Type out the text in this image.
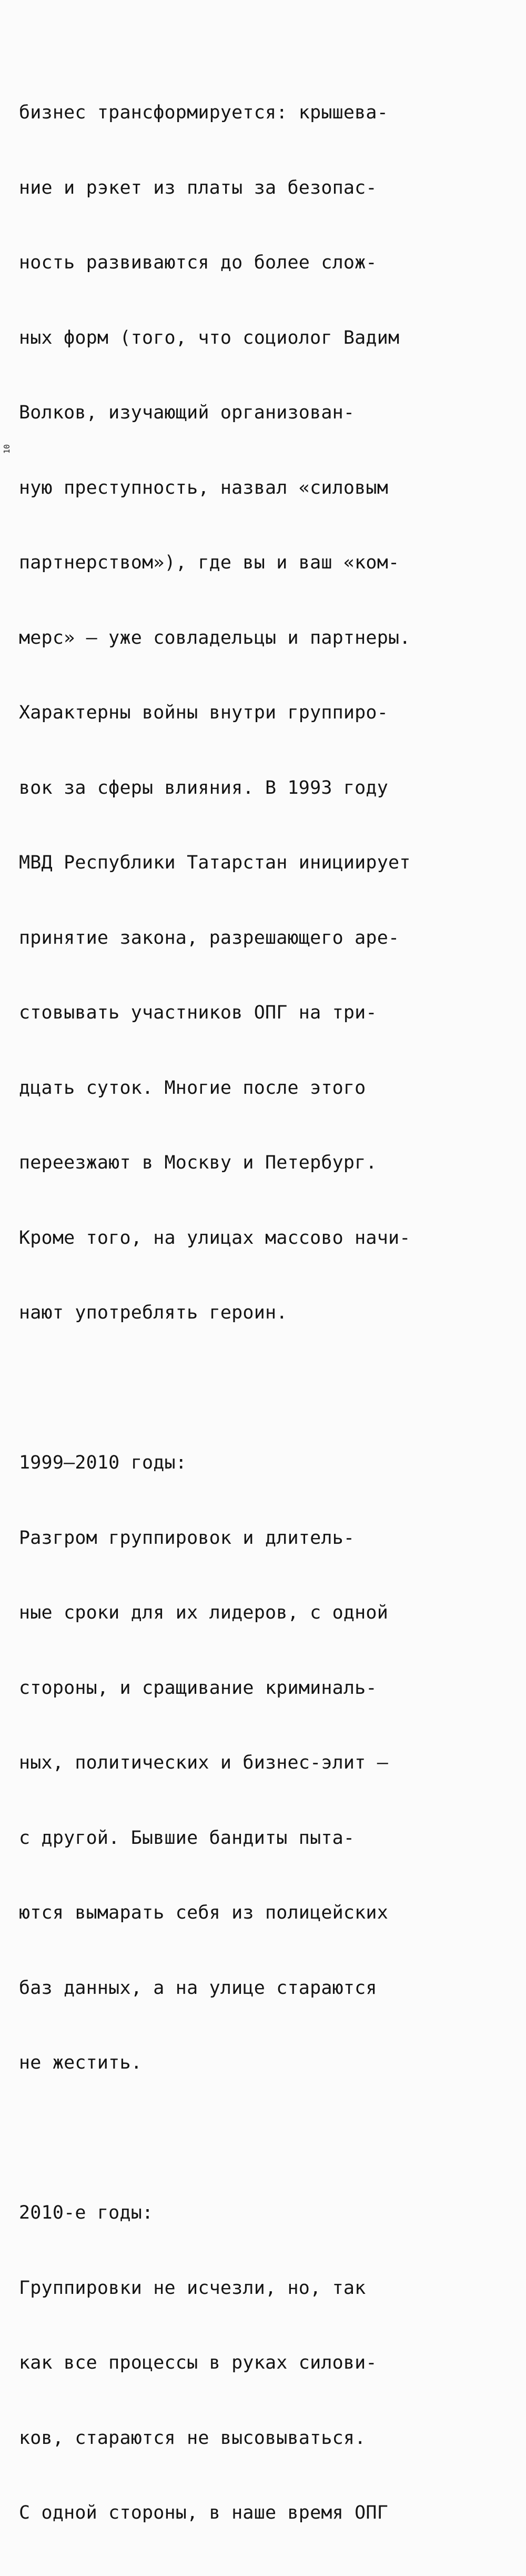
10

бизнес трансформируется: крышева-

ние и рэкет из платы за безопас-

ность развиваются до более слож-

ных форм (того, что социолог Вадим

Волков, изучающий организован-

ную преступность, назвал «силовым

партнерством»), где вы и ваш «ком-

мерс» — уже совладельцы и партнеры.

Характерны войны внутри группиро-

вок за сферы влияния. В 1993 году

МВД Республики Татарстан инициирует

принятие закона, разрешающего аре-

стовывать участников ОПГ на три-

дцать суток. Многие после этого

переезжают в Москву и Петербург.

Кроме того, на улицах массово начи-

нают употреблять героин.

1999–2010 годы:

Разгром группировок и длитель-

ные сроки для их лидеров, с одной

стороны, и сращивание криминаль-

ных, политических и бизнес-элит —

с другой. Бывшие бандиты пыта-

ются вымарать себя из полицейских

баз данных, а на улице стараются

не жестить.

2010-е годы:

Группировки не исчезли, но, так

как все процессы в руках силови-

ков, стараются не высовываться.

С одной стороны, в наше время ОПГ
